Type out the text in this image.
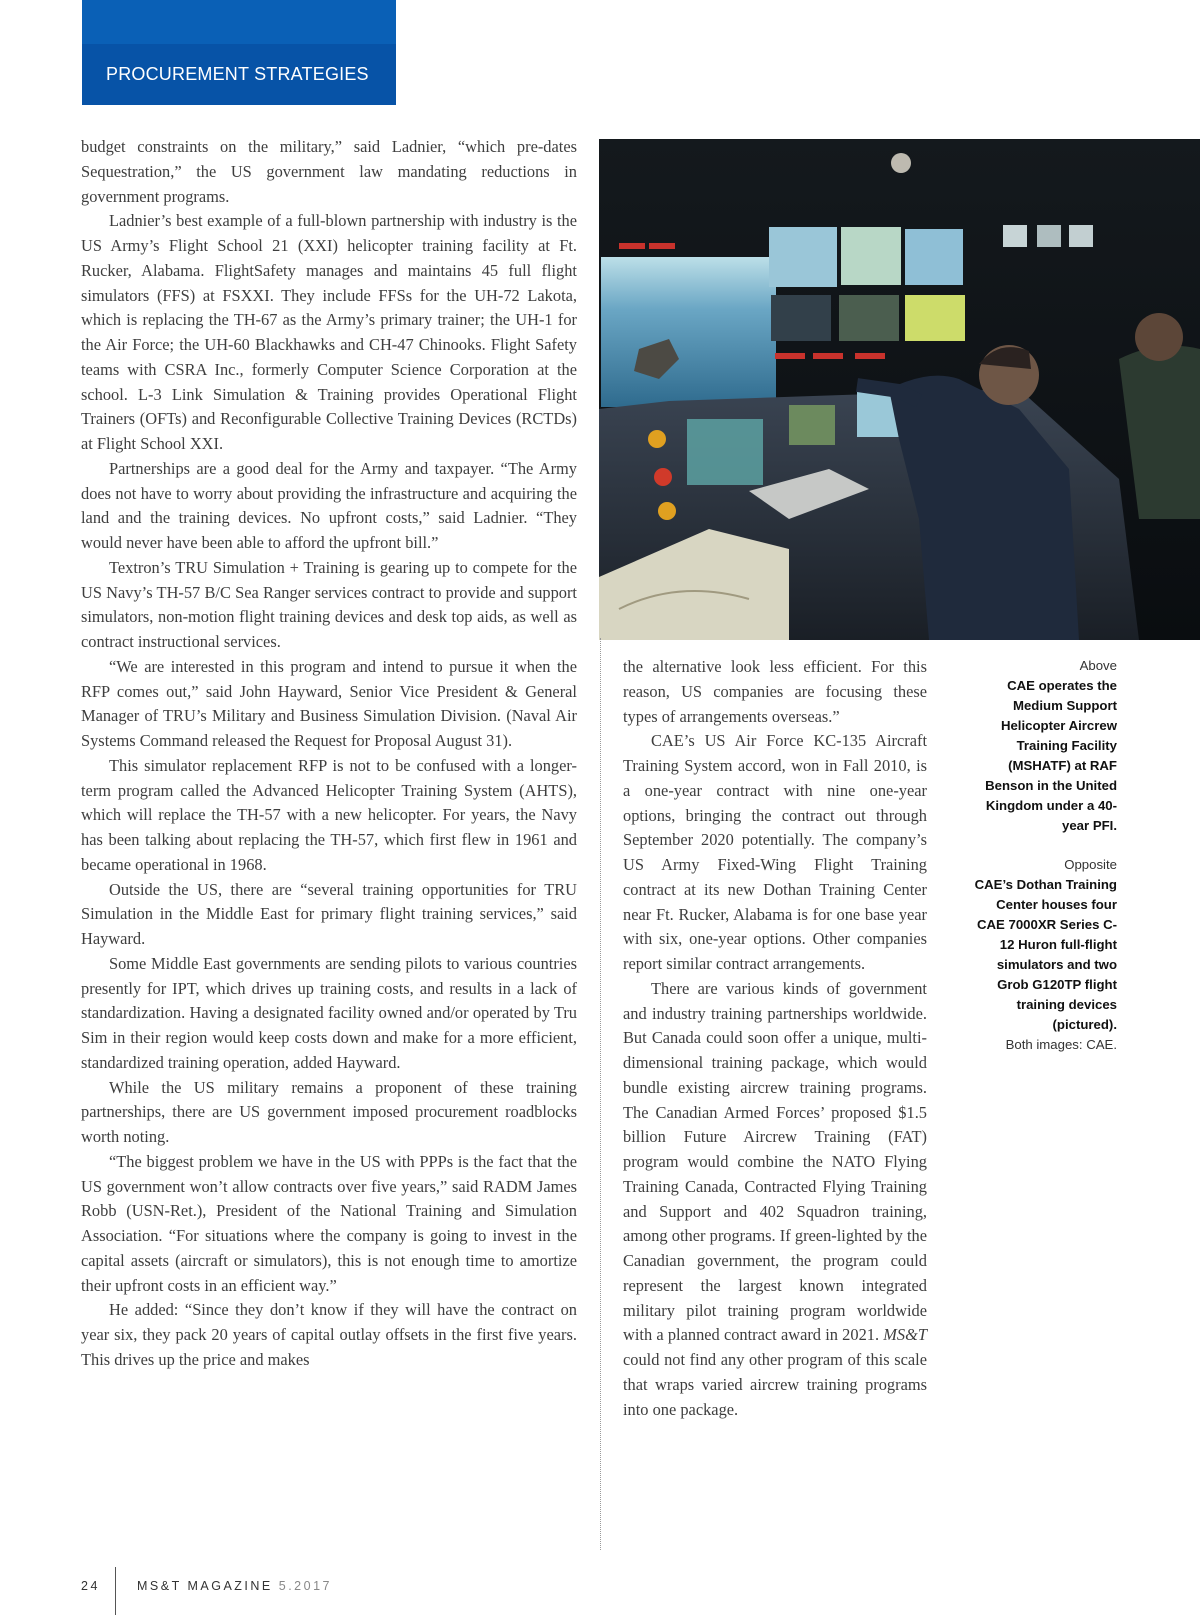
PROCUREMENT STRATEGIES

budget constraints on the military,” said Ladnier, “which pre-dates Sequestration,” the US government law mandating reductions in government programs.

Ladnier’s best example of a full-blown partnership with industry is the US Army’s Flight School 21 (XXI) helicopter training facility at Ft. Rucker, Alabama. FlightSafety manages and maintains 45 full flight simulators (FFS) at FSXXI. They include FFSs for the UH-72 Lakota, which is replacing the TH-67 as the Army’s primary trainer; the UH-1 for the Air Force; the UH-60 Blackhawks and CH-47 Chinooks. Flight Safety teams with CSRA Inc., formerly Computer Science Corporation at the school. L-3 Link Simulation & Training provides Operational Flight Trainers (OFTs) and Reconfigurable Collective Training Devices (RCTDs) at Flight School XXI.

Partnerships are a good deal for the Army and taxpayer. “The Army does not have to worry about providing the infrastructure and acquiring the land and the training devices. No upfront costs,” said Ladnier. “They would never have been able to afford the upfront bill.”

Textron’s TRU Simulation + Training is gearing up to compete for the US Navy’s TH-57 B/C Sea Ranger services contract to provide and support simulators, non-motion flight training devices and desk top aids, as well as contract instructional services.

“We are interested in this program and intend to pursue it when the RFP comes out,” said John Hayward, Senior Vice President & General Manager of TRU’s Military and Business Simulation Division. (Naval Air Systems Command released the Request for Proposal August 31).

This simulator replacement RFP is not to be confused with a longer-term program called the Advanced Helicopter Training System (AHTS), which will replace the TH-57 with a new helicopter. For years, the Navy has been talking about replacing the TH-57, which first flew in 1961 and became operational in 1968.

Outside the US, there are “several training opportunities for TRU Simulation in the Middle East for primary flight training services,” said Hayward.

Some Middle East governments are sending pilots to various countries presently for IPT, which drives up training costs, and results in a lack of standardization. Having a designated facility owned and/or operated by Tru Sim in their region would keep costs down and make for a more efficient, standardized training operation, added Hayward.

While the US military remains a proponent of these training partnerships, there are US government imposed procurement roadblocks worth noting.

“The biggest problem we have in the US with PPPs is the fact that the US government won’t allow contracts over five years,” said RADM James Robb (USN-Ret.), President of the National Training and Simulation Association. “For situations where the company is going to invest in the capital assets (aircraft or simulators), this is not enough time to amortize their upfront costs in an efficient way.”

He added: “Since they don’t know if they will have the contract on year six, they pack 20 years of capital outlay offsets in the first five years. This drives up the price and makes

the alternative look less efficient. For this reason, US companies are focusing these types of arrangements overseas.”

CAE’s US Air Force KC-135 Aircraft Training System accord, won in Fall 2010, is a one-year contract with nine one-year options, bringing the contract out through September 2020 potentially. The company’s US Army Fixed-Wing Flight Training contract at its new Dothan Training Center near Ft. Rucker, Alabama is for one base year with six, one-year options. Other companies report similar contract arrangements.

There are various kinds of government and industry training partnerships worldwide. But Canada could soon offer a unique, multi-dimensional training package, which would bundle existing aircrew training programs. The Canadian Armed Forces’ proposed $1.5 billion Future Aircrew Training (FAT) program would combine the NATO Flying Training Canada, Contracted Flying Training and Support and 402 Squadron training, among other programs. If green-lighted by the Canadian government, the program could represent the largest known integrated military pilot training program worldwide with a planned contract award in 2021. MS&T could not find any other program of this scale that wraps varied aircrew training programs into one package.

Above
CAE operates the Medium Support Helicopter Aircrew Training Facility (MSHATF) at RAF Benson in the United Kingdom under a 40-year PFI.
Opposite
CAE’s Dothan Training Center houses four CAE 7000XR Series C-12 Huron full-flight simulators and two Grob G120TP flight training devices (pictured).
Both images: CAE.
24	MS&T MAGAZINE 5.2017
